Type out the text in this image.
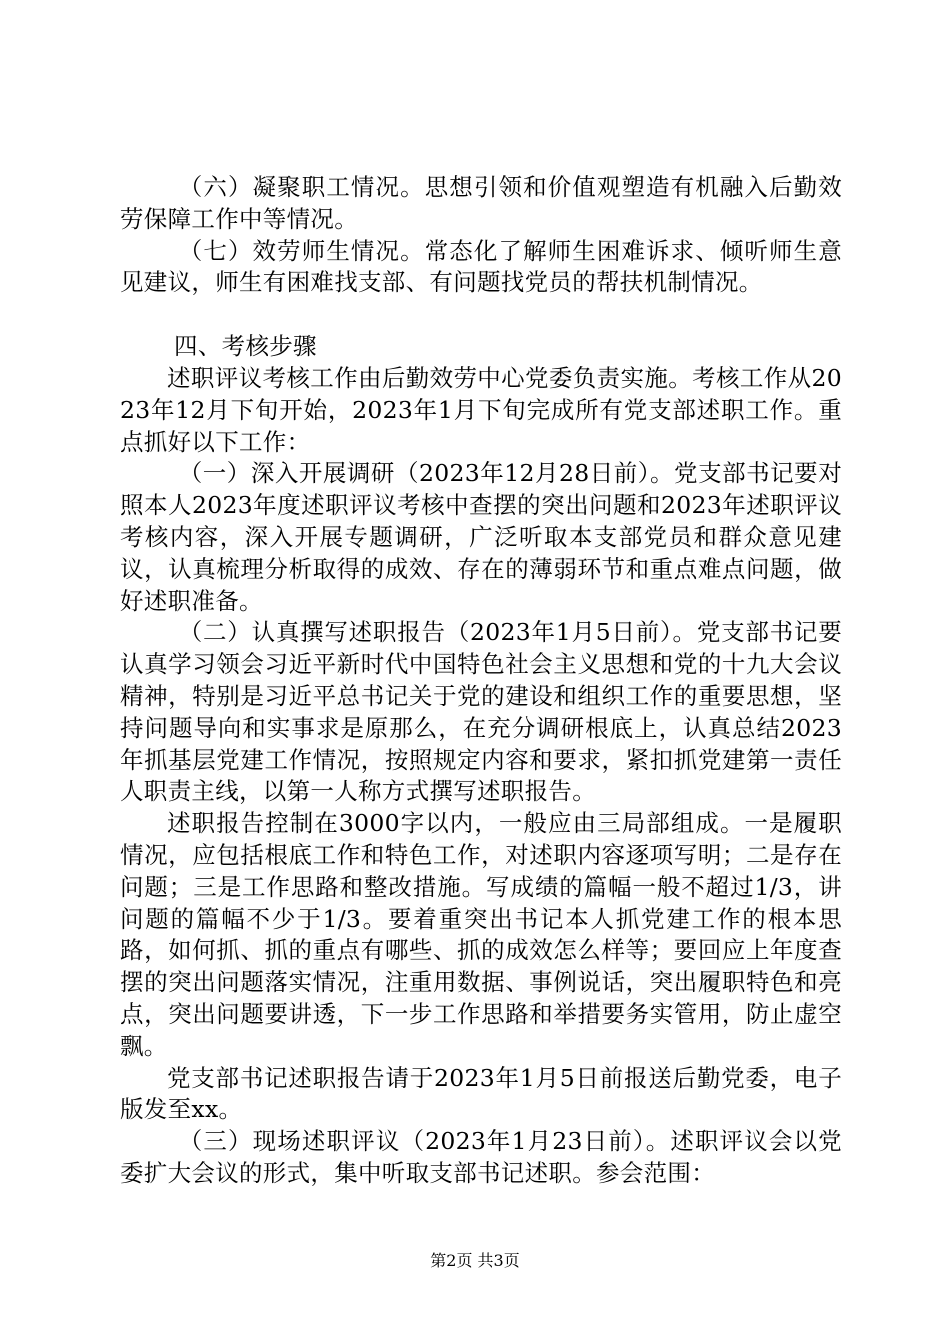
（六）凝聚职工情况。思想引领和价值观塑造有机融入后勤效劳保障工作中等情况。

（七）效劳师生情况。常态化了解师生困难诉求、倾听师生意见建议，师生有困难找支部、有问题找党员的帮扶机制情况。

四、考核步骤

述职评议考核工作由后勤效劳中心党委负责实施。考核工作从2023年12月下旬开始，2023年1月下旬完成所有党支部述职工作。重点抓好以下工作：

（一）深入开展调研（2023年12月28日前）。党支部书记要对照本人2023年度述职评议考核中查摆的突出问题和2023年述职评议考核内容，深入开展专题调研，广泛听取本支部党员和群众意见建议，认真梳理分析取得的成效、存在的薄弱环节和重点难点问题，做好述职准备。

（二）认真撰写述职报告（2023年1月5日前）。党支部书记要认真学习领会习近平新时代中国特色社会主义思想和党的十九大会议精神，特别是习近平总书记关于党的建设和组织工作的重要思想，坚持问题导向和实事求是原那么，在充分调研根底上，认真总结2023年抓基层党建工作情况，按照规定内容和要求，紧扣抓党建第一责任人职责主线，以第一人称方式撰写述职报告。

述职报告控制在3000字以内，一般应由三局部组成。一是履职情况，应包括根底工作和特色工作，对述职内容逐项写明；二是存在问题；三是工作思路和整改措施。写成绩的篇幅一般不超过1/3，讲问题的篇幅不少于1/3。要着重突出书记本人抓党建工作的根本思路，如何抓、抓的重点有哪些、抓的成效怎么样等；要回应上年度查摆的突出问题落实情况，注重用数据、事例说话，突出履职特色和亮点，突出问题要讲透，下一步工作思路和举措要务实管用，防止虚空飘。

党支部书记述职报告请于2023年1月5日前报送后勤党委，电子版发至xx。

（三）现场述职评议（2023年1月23日前）。述职评议会以党委扩大会议的形式，集中听取支部书记述职。参会范围：

第2页 共3页
